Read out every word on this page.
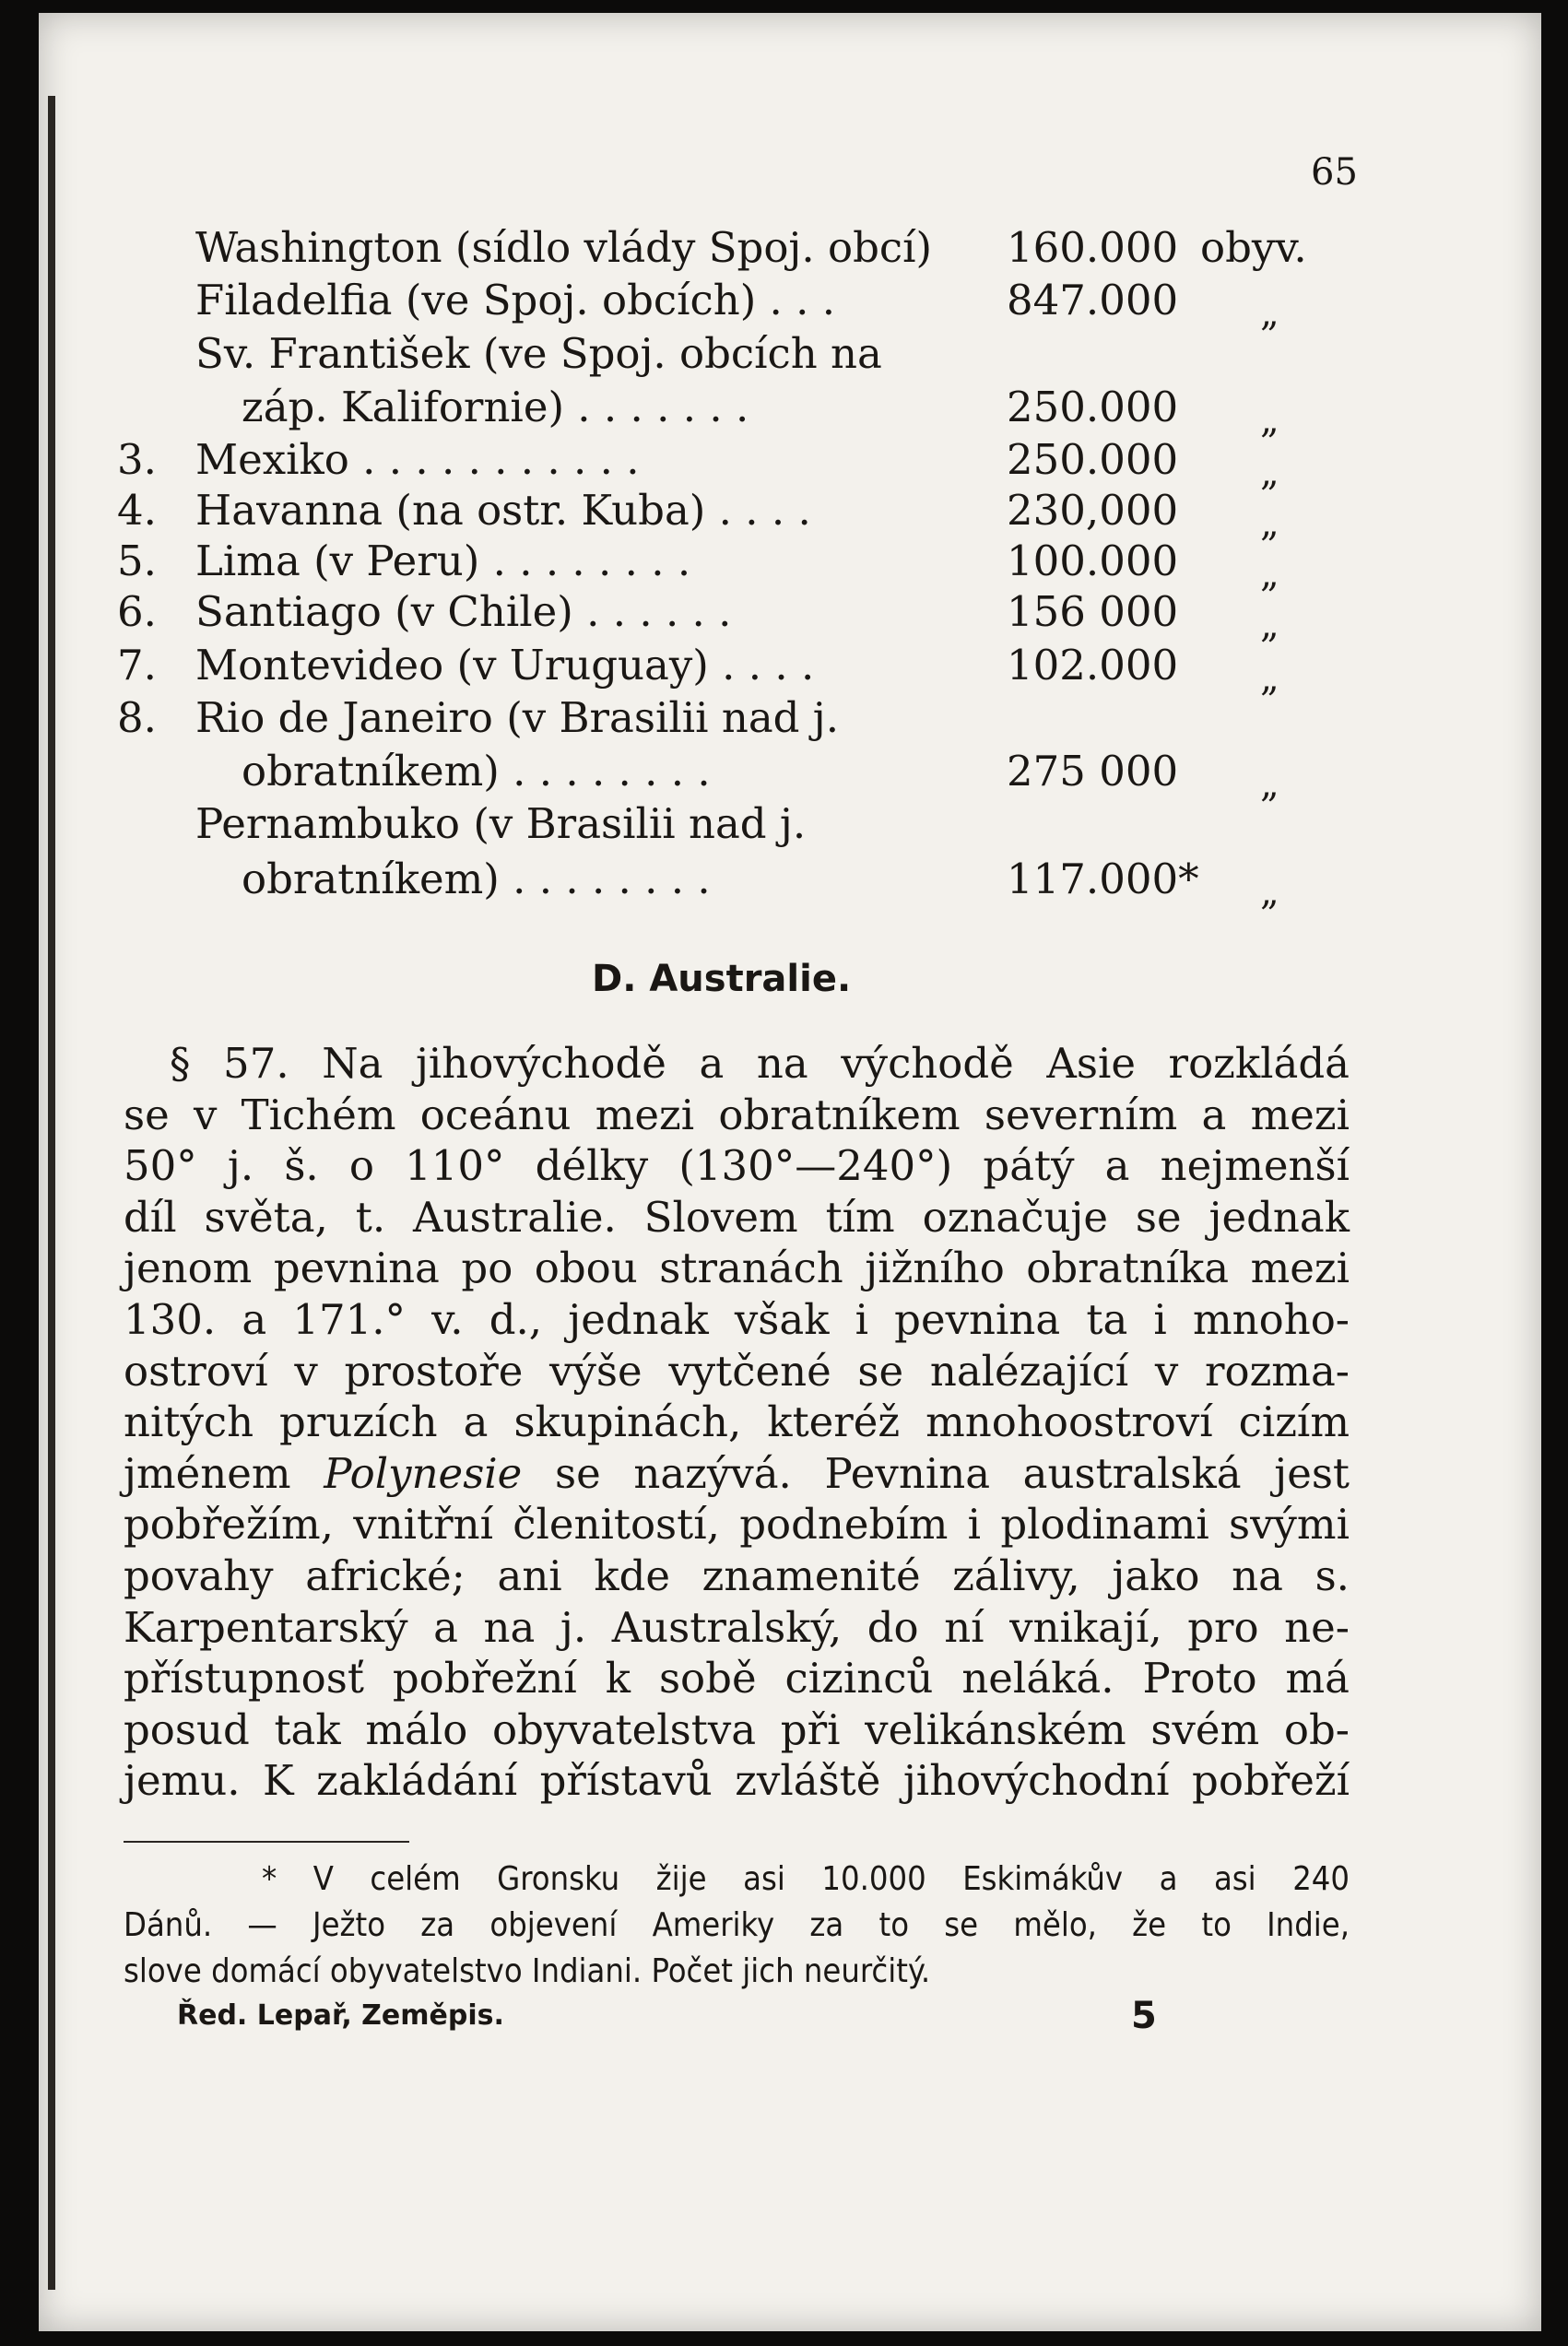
65
Washington (sídlo vlády Spoj. obcí) 160.000 obyv.
Filadelfia (ve Spoj. obcích) . . .	847.000 „
Sv. František (ve Spoj. obcích na
záp. Kalifornie) . . . . . . .	250.000 „
3. Mexiko . . . . . . . . . . .	250.000 „
4. Havanna (na ostr. Kuba) . . . .	230,000 „
5. Lima (v Peru) . . . . . . . .	100.000 „
6. Santiago (v Chile) . . . . . .	156 000 „
7. Montevideo (v Uruguay) . . . .	102.000 „
8. Rio de Janeiro (v Brasilii nad j.
obratníkem) . . . . . . . .	275 000 „
Pernambuko (v Brasilii nad j.
obratníkem) . . . . . . . .	117.000* „
D. Australie.
§ 57. Na jihovýchodě a na východě Asie rozkládá
se v Tichém oceánu mezi obratníkem severním a mezi
50° j. š. o 110° délky (130°—240°) pátý a nejmenší
díl světa, t. Australie. Slovem tím označuje se jednak
jenom pevnina po obou stranách jižního obratníka mezi
130. a 171.° v. d., jednak však i pevnina ta i mnoho-
ostroví v prostoře výše vytčené se nalézající v rozma-
nitých pruzích a skupinách, kteréž mnohoostroví cizím
jménem Polynesie se nazývá. Pevnina australská jest
pobřežím, vnitřní členitostí, podnebím i plodinami svými
povahy africké; ani kde znamenité zálivy, jako na s.
Karpentarský a na j. Australský, do ní vnikají, pro ne-
přístupnosť pobřežní k sobě cizinců neláká. Proto má
posud tak málo obyvatelstva při velikánském svém ob-
jemu. K zakládání přístavů zvláště jihovýchodní pobřeží
* V celém Gronsku žije asi 10.000 Eskimákův a asi 240
Dánů. — Ježto za objevení Ameriky za to se mělo, že to Indie,
slove domácí obyvatelstvo Indiani. Počet jich neurčitý.
Řed. Lepař, Zeměpis.	5
